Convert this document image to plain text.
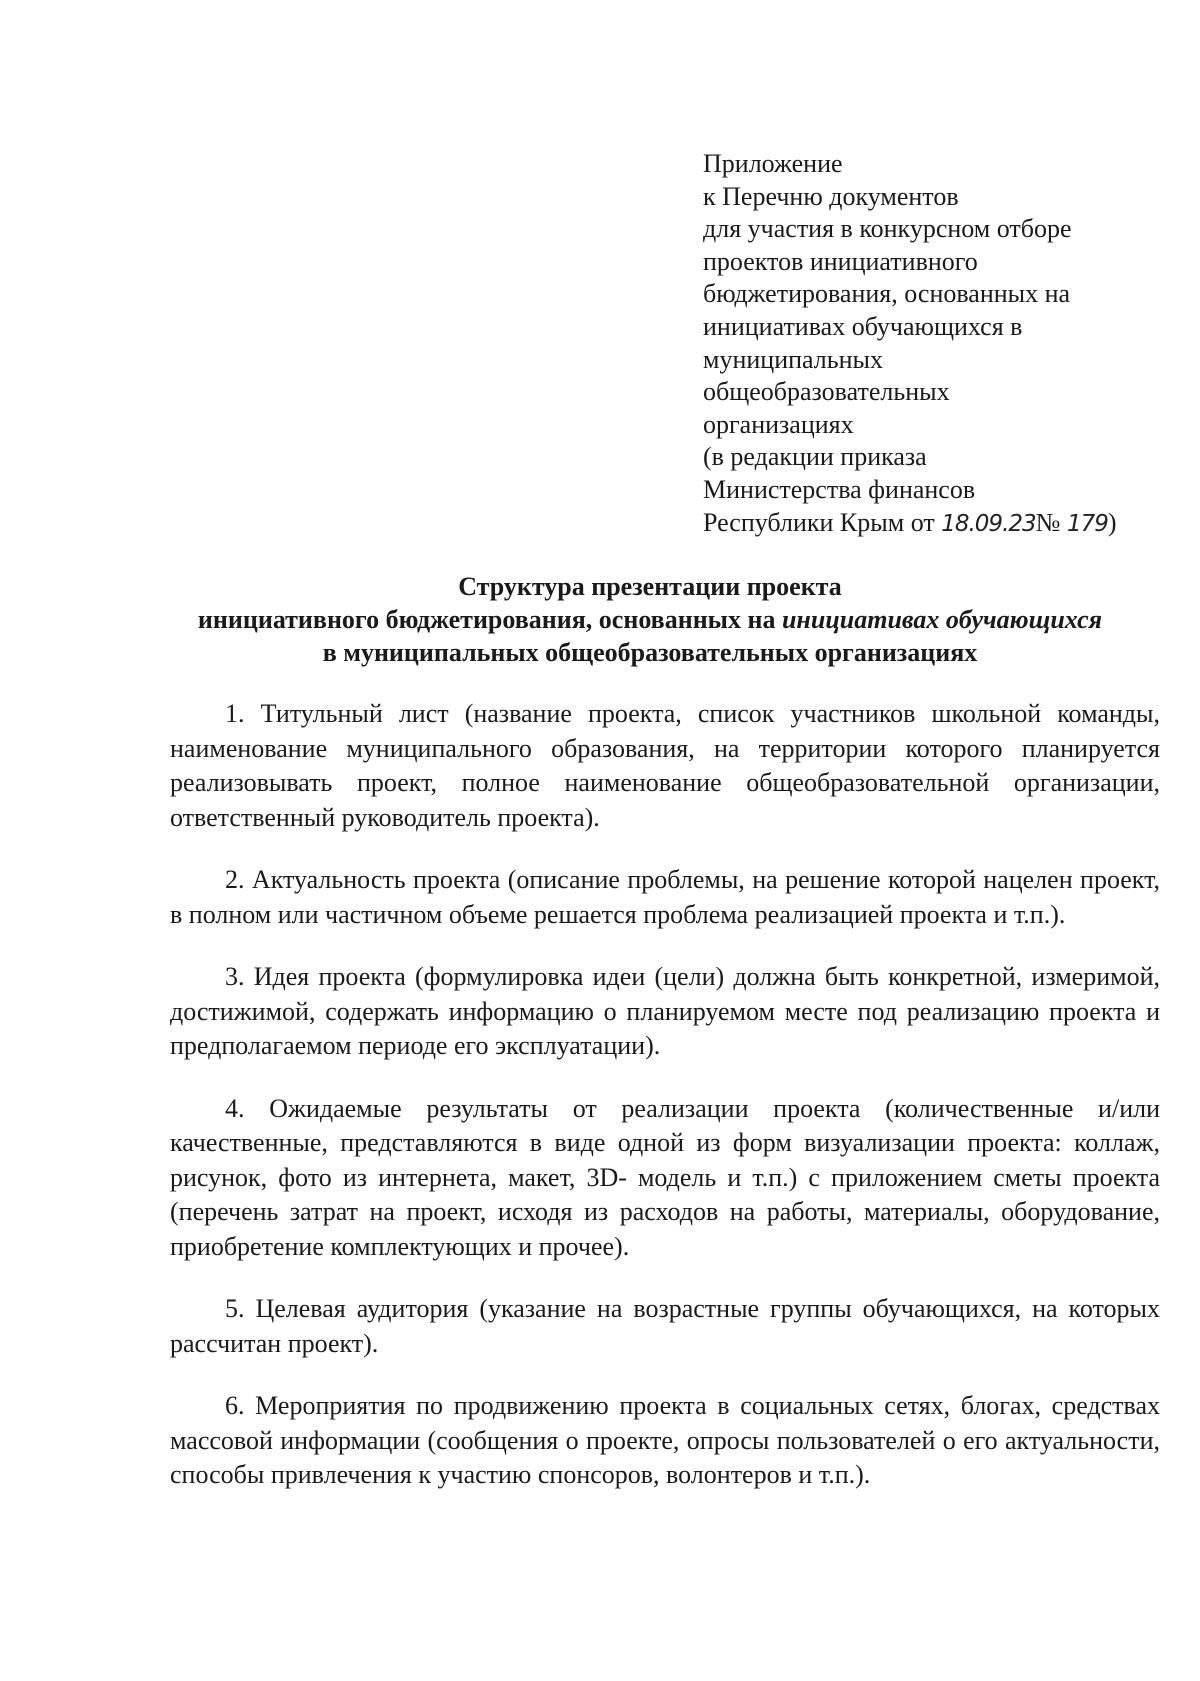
Приложение
к Перечню документов
для участия в конкурсном отборе
проектов инициативного
бюджетирования, основанных на
инициативах обучающихся в
муниципальных
общеобразовательных
организациях
(в редакции приказа
Министерства финансов
Республики Крым от 18.09.23№ 179)
Структура презентации проекта
инициативного бюджетирования, основанных на инициативах обучающихся
в муниципальных общеобразовательных организациях

1. Титульный лист (название проекта, список участников школьной команды, наименование муниципального образования, на территории которого планируется реализовывать проект, полное наименование общеобразовательной организации, ответственный руководитель проекта).

2. Актуальность проекта (описание проблемы, на решение которой нацелен проект, в полном или частичном объеме решается проблема реализацией проекта и т.п.).

3. Идея проекта (формулировка идеи (цели) должна быть конкретной, измеримой, достижимой, содержать информацию о планируемом месте под реализацию проекта и предполагаемом периоде его эксплуатации).

4. Ожидаемые результаты от реализации проекта (количественные и/или качественные, представляются в виде одной из форм визуализации проекта: коллаж, рисунок, фото из интернета, макет, 3D- модель и т.п.) с приложением сметы проекта (перечень затрат на проект, исходя из расходов на работы, материалы, оборудование, приобретение комплектующих и прочее).

5. Целевая аудитория (указание на возрастные группы обучающихся, на которых рассчитан проект).

6. Мероприятия по продвижению проекта в социальных сетях, блогах, средствах массовой информации (сообщения о проекте, опросы пользователей о его актуальности, способы привлечения к участию спонсоров, волонтеров и т.п.).
